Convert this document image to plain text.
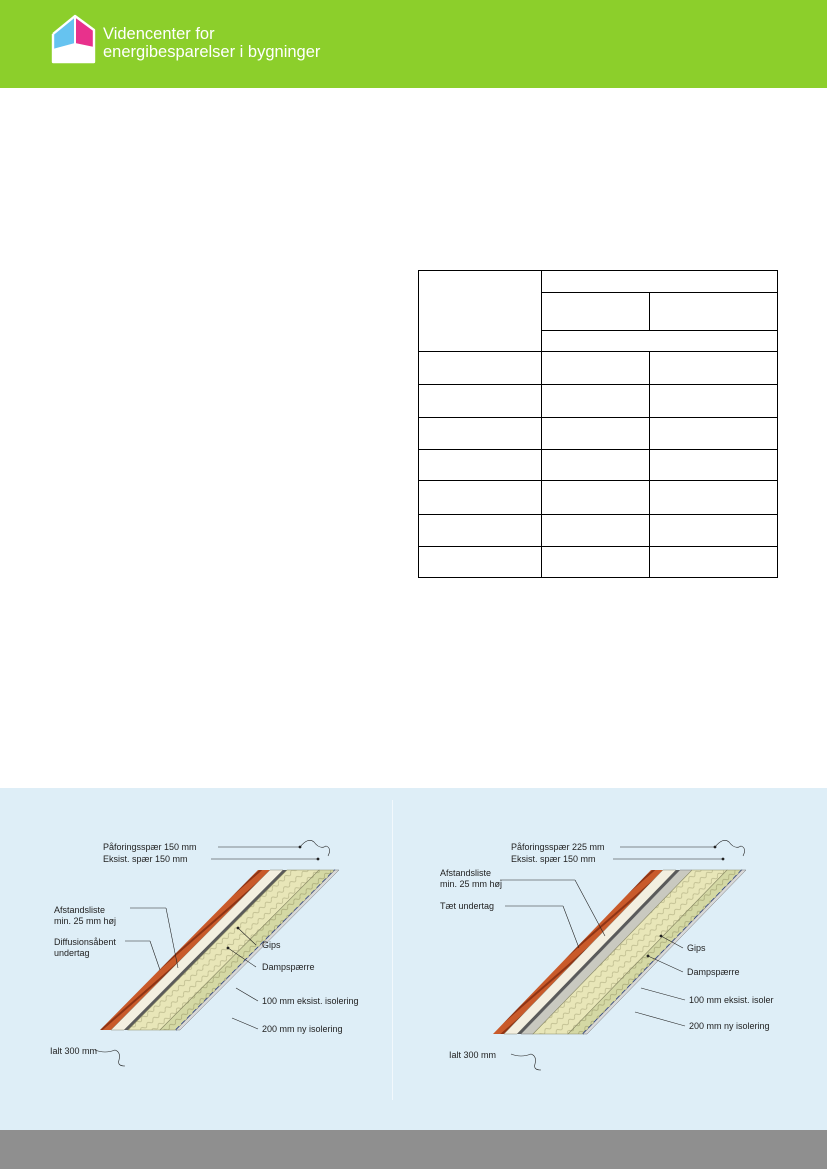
Videncenter for
energibesparelser i bygninger

Påforingsspær 150 mm
Eksist. spær 150 mm
Afstandsliste
min. 25 mm høj
Diffusionsåbent
undertag
Gips
Dampspærre
100 mm eksist. isolering
200 mm ny isolering
Ialt 300 mm
Påforingsspær 225 mm
Eksist. spær 150 mm
Afstandsliste
min. 25 mm høj
Tæt undertag
Gips
Dampspærre
100 mm eksist. isoler
200 mm ny isolering
Ialt 300 mm
